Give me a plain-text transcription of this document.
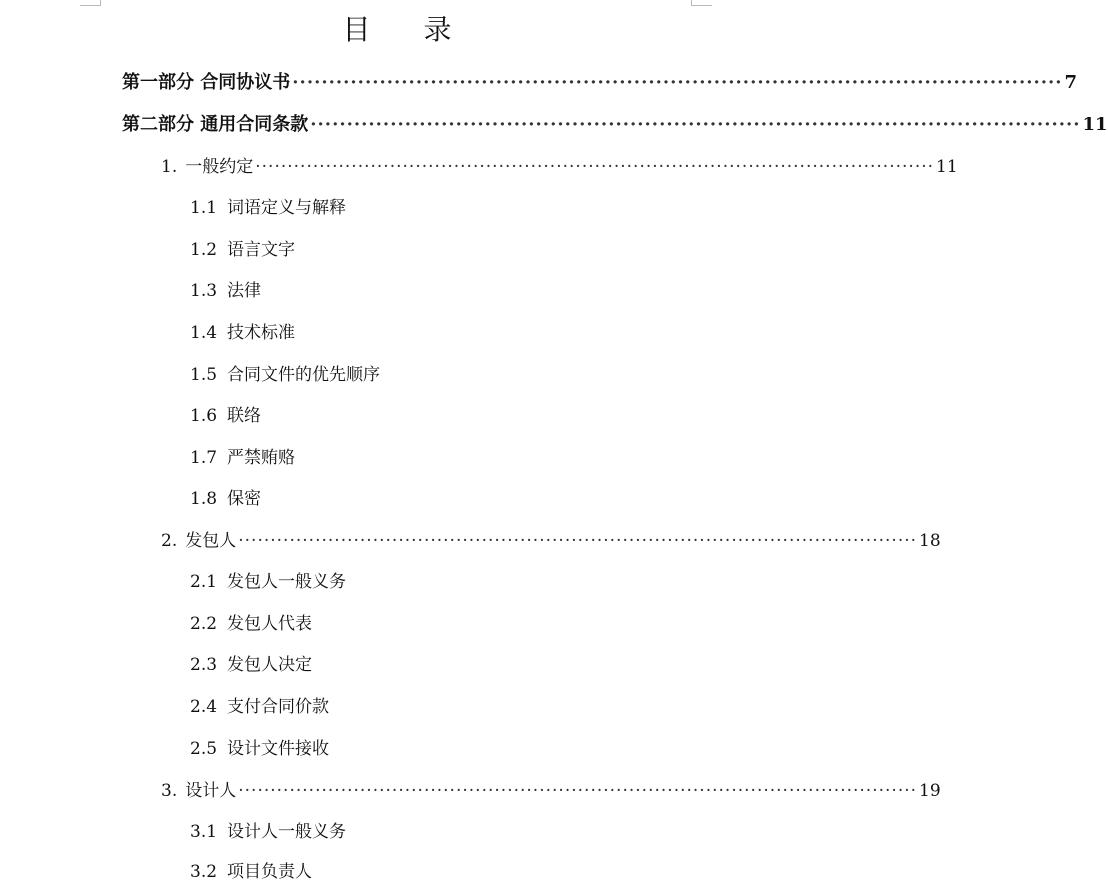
目 录
第一部分 合同协议书 ·········································································································· 7
第二部分 通用合同条款 ·········································································································· 11
1. 一般约定 ·········································································································· 11
1.1 词语定义与解释
1.2 语言文字
1.3 法律
1.4 技术标准
1.5 合同文件的优先顺序
1.6 联络
1.7 严禁贿赂
1.8 保密
2. 发包人 ·········································································································· 18
2.1 发包人一般义务
2.2 发包人代表
2.3 发包人决定
2.4 支付合同价款
2.5 设计文件接收
3. 设计人 ·········································································································· 19
3.1 设计人一般义务
3.2 项目负责人
